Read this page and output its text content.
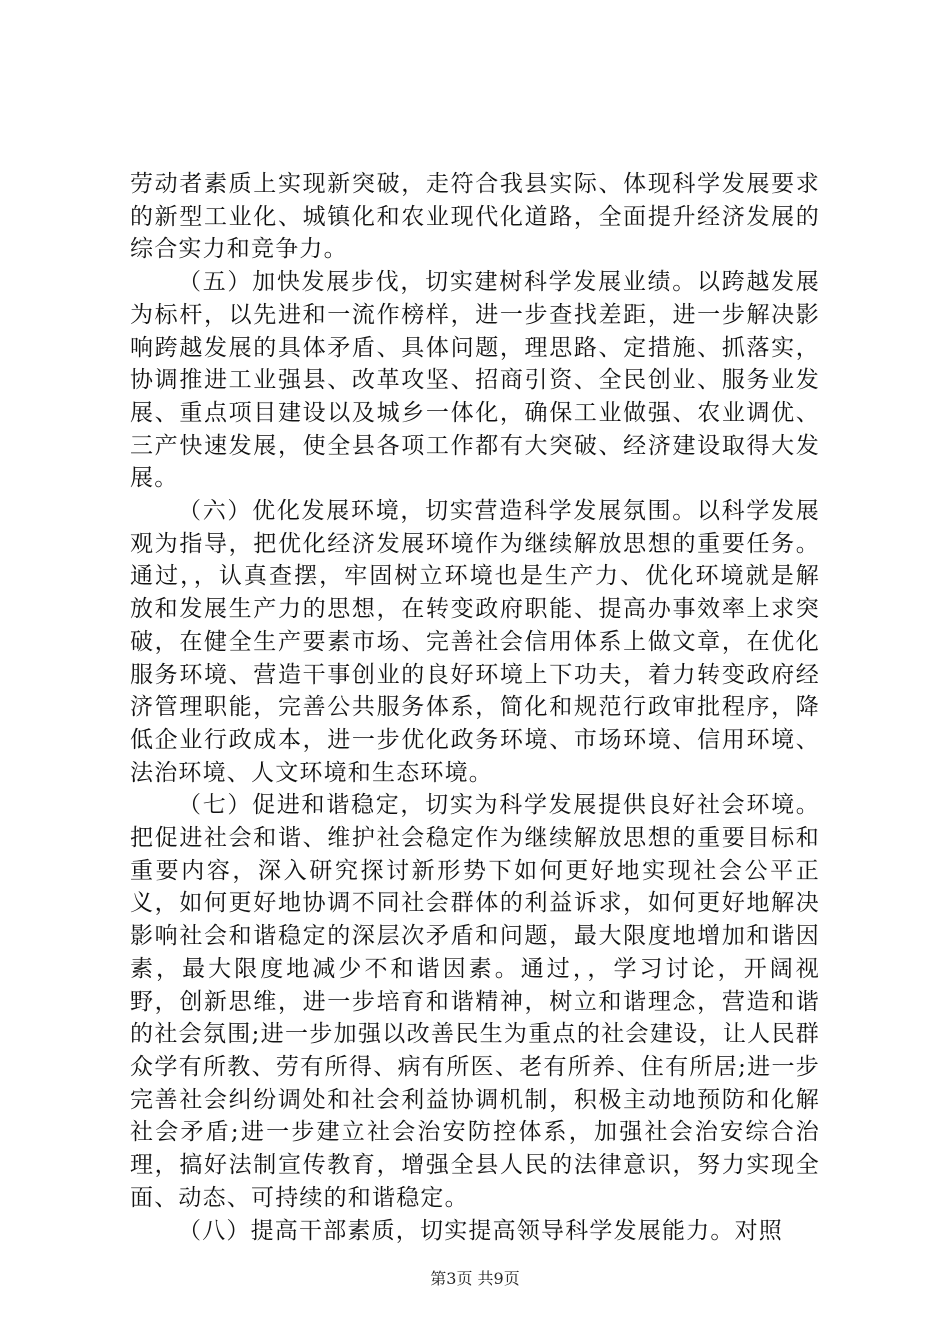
劳动者素质上实现新突破，走符合我县实际、体现科学发展要求的新型工业化、城镇化和农业现代化道路，全面提升经济发展的综合实力和竞争力。

（五）加快发展步伐，切实建树科学发展业绩。以跨越发展为标杆，以先进和一流作榜样，进一步查找差距，进一步解决影响跨越发展的具体矛盾、具体问题，理思路、定措施、抓落实，协调推进工业强县、改革攻坚、招商引资、全民创业、服务业发展、重点项目建设以及城乡一体化，确保工业做强、农业调优、三产快速发展，使全县各项工作都有大突破、经济建设取得大发展。

（六）优化发展环境，切实营造科学发展氛围。以科学发展观为指导，把优化经济发展环境作为继续解放思想的重要任务。通过，，认真查摆，牢固树立环境也是生产力、优化环境就是解放和发展生产力的思想，在转变政府职能、提高办事效率上求突破，在健全生产要素市场、完善社会信用体系上做文章，在优化服务环境、营造干事创业的良好环境上下功夫，着力转变政府经济管理职能，完善公共服务体系，简化和规范行政审批程序，降低企业行政成本，进一步优化政务环境、市场环境、信用环境、法治环境、人文环境和生态环境。

（七）促进和谐稳定，切实为科学发展提供良好社会环境。把促进社会和谐、维护社会稳定作为继续解放思想的重要目标和重要内容，深入研究探讨新形势下如何更好地实现社会公平正义，如何更好地协调不同社会群体的利益诉求，如何更好地解决影响社会和谐稳定的深层次矛盾和问题，最大限度地增加和谐因素，最大限度地减少不和谐因素。通过，，学习讨论，开阔视野，创新思维，进一步培育和谐精神，树立和谐理念，营造和谐的社会氛围;进一步加强以改善民生为重点的社会建设，让人民群众学有所教、劳有所得、病有所医、老有所养、住有所居;进一步完善社会纠纷调处和社会利益协调机制，积极主动地预防和化解社会矛盾;进一步建立社会治安防控体系，加强社会治安综合治理，搞好法制宣传教育，增强全县人民的法律意识，努力实现全面、动态、可持续的和谐稳定。

（八）提高干部素质，切实提高领导科学发展能力。对照

第3页 共9页
